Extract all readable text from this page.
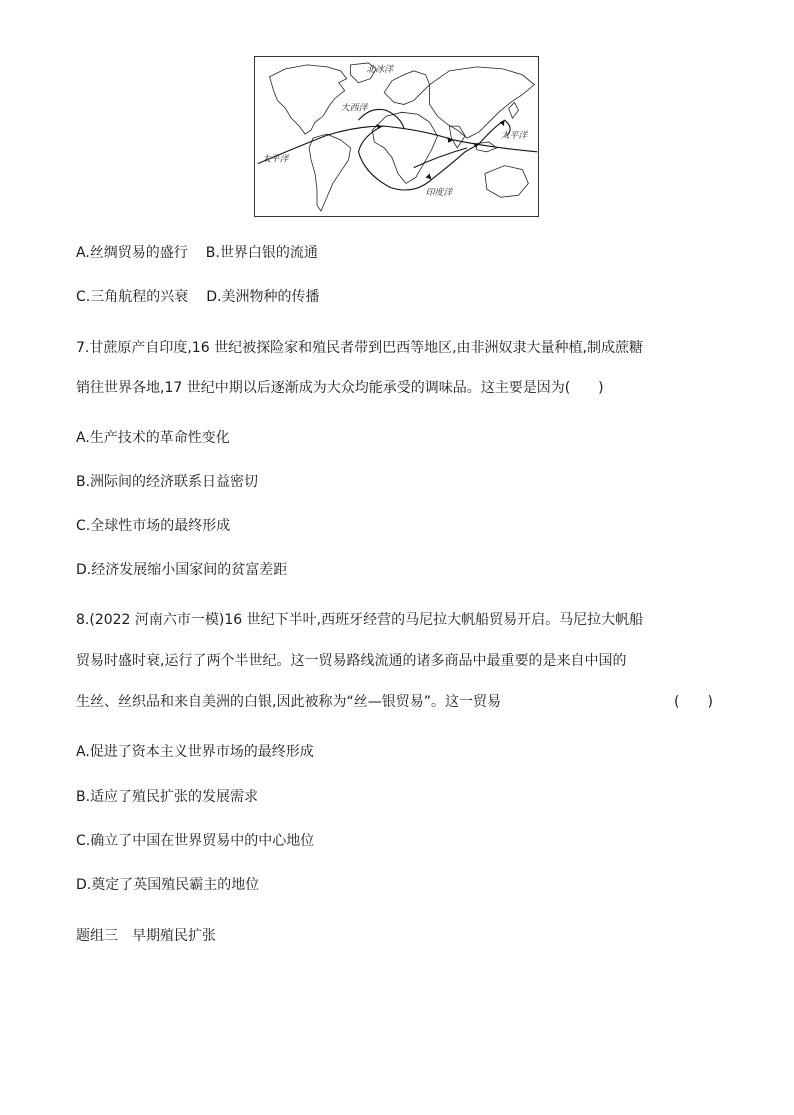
北冰洋
大西洋
太平洋
太平洋
印度洋
A.丝绸贸易的盛行 B.世界白银的流通
C.三角航程的兴衰 D.美洲物种的传播
7.甘蔗原产自印度,16 世纪被探险家和殖民者带到巴西等地区,由非洲奴隶大量种植,制成蔗糖
销往世界各地,17 世纪中期以后逐渐成为大众均能承受的调味品。这主要是因为(　　)
A.生产技术的革命性变化
B.洲际间的经济联系日益密切
C.全球性市场的最终形成
D.经济发展缩小国家间的贫富差距
8.(2022 河南六市一模)16 世纪下半叶,西班牙经营的马尼拉大帆船贸易开启。马尼拉大帆船
贸易时盛时衰,运行了两个半世纪。这一贸易路线流通的诸多商品中最重要的是来自中国的
生丝、丝织品和来自美洲的白银,因此被称为“丝—银贸易”。这一贸易	(　　)
A.促进了资本主义世界市场的最终形成
B.适应了殖民扩张的发展需求
C.确立了中国在世界贸易中的中心地位
D.奠定了英国殖民霸主的地位
题组三　早期殖民扩张
